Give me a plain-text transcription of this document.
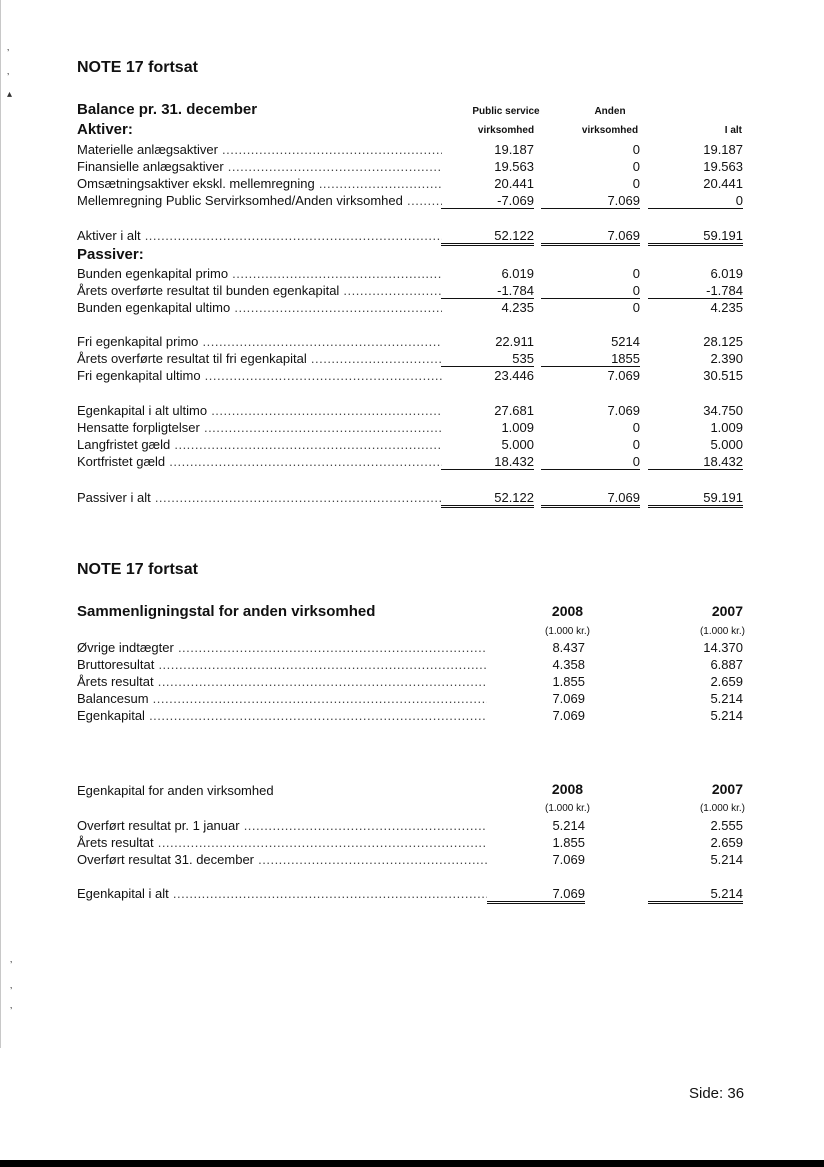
‚
‚
▴
‚
‚
‚
NOTE 17 fortsat
Balance pr. 31. december
Aktiver:
Public service
virksomhed
Anden
virksomhed	I alt
Materielle anlægsaktiver .....	19.187	0	19.187
Finansielle anlægsaktiver .....	19.563	0	19.563
Omsætningsaktiver ekskl. mellemregning .....	20.441	0	20.441
Mellemregning Public Servirksomhed/Anden virksomhed .....	-7.069	7.069	0
Aktiver i alt .....	52.122	7.069	59.191
Passiver:
Bunden egenkapital primo .....	6.019	0	6.019
Årets overførte resultat til bunden egenkapital .....	-1.784	0	-1.784
Bunden egenkapital ultimo .....	4.235	0	4.235
Fri egenkapital primo .....	22.911	5214	28.125
Årets overførte resultat til fri egenkapital .....	535	1855	2.390
Fri egenkapital ultimo .....	23.446	7.069	30.515
Egenkapital i alt ultimo .....	27.681	7.069	34.750
Hensatte forpligtelser .....	1.009	0	1.009
Langfristet gæld .....	5.000	0	5.000
Kortfristet gæld .....	18.432	0	18.432
Passiver i alt .....	52.122	7.069	59.191
NOTE 17 fortsat
Sammenligningstal for anden virksomhed	2008	2007
(1.000 kr.)	(1.000 kr.)
Øvrige indtægter .....	8.437	14.370
Bruttoresultat .....	4.358	6.887
Årets resultat .....	1.855	2.659
Balancesum .....	7.069	5.214
Egenkapital .....	7.069	5.214
Egenkapital for anden virksomhed	2008	2007
(1.000 kr.)	(1.000 kr.)
Overført resultat pr. 1 januar .....	5.214	2.555
Årets resultat .....	1.855	2.659
Overført resultat 31. december .....	7.069	5.214
Egenkapital i alt .....	7.069	5.214
Side: 36
